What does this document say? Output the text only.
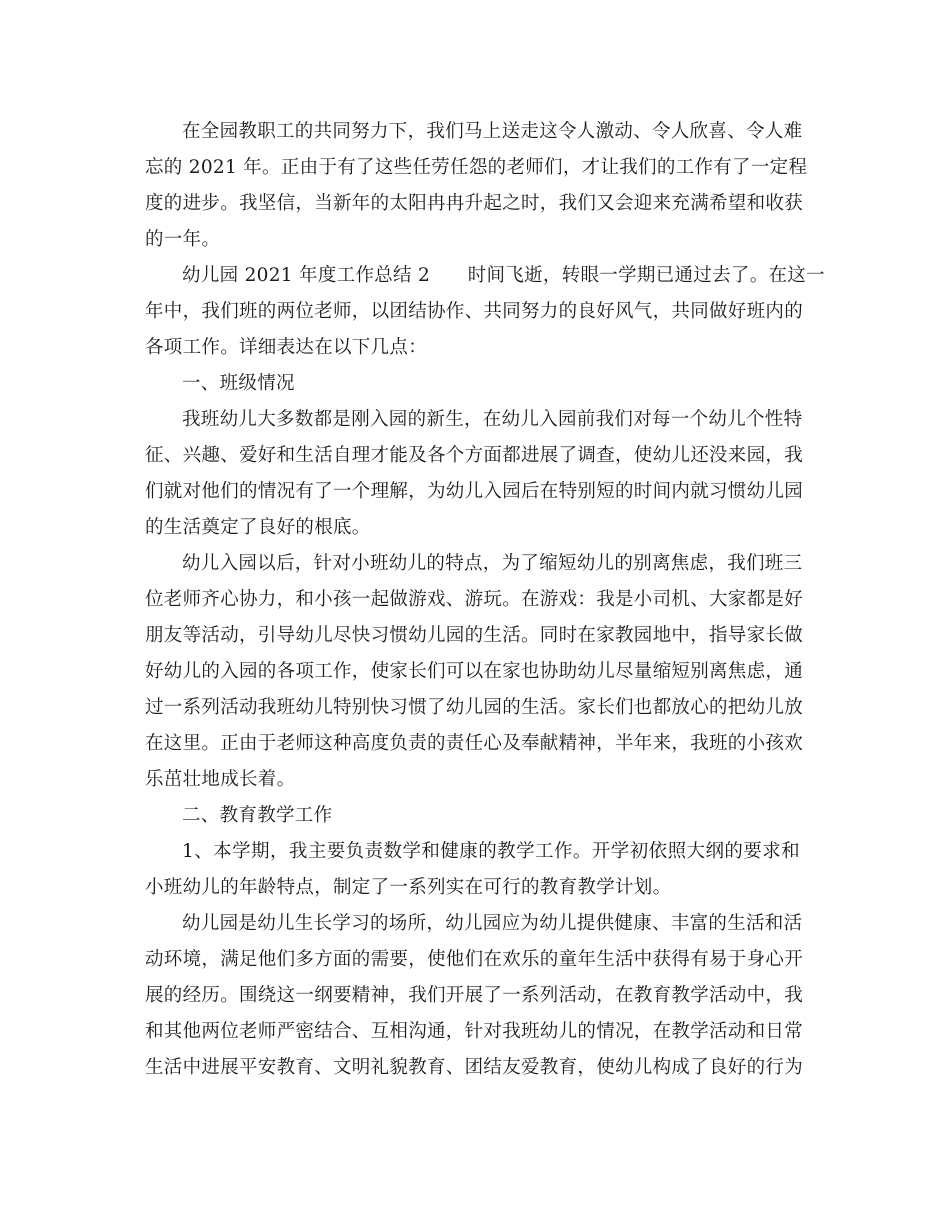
在全园教职工的共同努力下，我们马上送走这令人激动、令人欣喜、令人难
忘的 2021 年。正由于有了这些任劳任怨的老师们，才让我们的工作有了一定程
度的进步。我坚信，当新年的太阳冉冉升起之时，我们又会迎来充满希望和收获
的一年。
幼儿园 2021 年度工作总结 2　　时间飞逝，转眼一学期已通过去了。在这一
年中，我们班的两位老师，以团结协作、共同努力的良好风气，共同做好班内的
各项工作。详细表达在以下几点：
一、班级情况
我班幼儿大多数都是刚入园的新生，在幼儿入园前我们对每一个幼儿个性特
征、兴趣、爱好和生活自理才能及各个方面都进展了调查，使幼儿还没来园，我
们就对他们的情况有了一个理解，为幼儿入园后在特别短的时间内就习惯幼儿园
的生活奠定了良好的根底。
幼儿入园以后，针对小班幼儿的特点，为了缩短幼儿的别离焦虑，我们班三
位老师齐心协力，和小孩一起做游戏、游玩。在游戏：我是小司机、大家都是好
朋友等活动，引导幼儿尽快习惯幼儿园的生活。同时在家教园地中，指导家长做
好幼儿的入园的各项工作，使家长们可以在家也协助幼儿尽量缩短别离焦虑，通
过一系列活动我班幼儿特别快习惯了幼儿园的生活。家长们也都放心的把幼儿放
在这里。正由于老师这种高度负责的责任心及奉献精神，半年来，我班的小孩欢
乐茁壮地成长着。
二、教育教学工作
1、本学期，我主要负责数学和健康的教学工作。开学初依照大纲的要求和
小班幼儿的年龄特点，制定了一系列实在可行的教育教学计划。
幼儿园是幼儿生长学习的场所，幼儿园应为幼儿提供健康、丰富的生活和活
动环境，满足他们多方面的需要，使他们在欢乐的童年生活中获得有易于身心开
展的经历。围绕这一纲要精神，我们开展了一系列活动，在教育教学活动中，我
和其他两位老师严密结合、互相沟通，针对我班幼儿的情况，在教学活动和日常
生活中进展平安教育、文明礼貌教育、团结友爱教育，使幼儿构成了良好的行为
